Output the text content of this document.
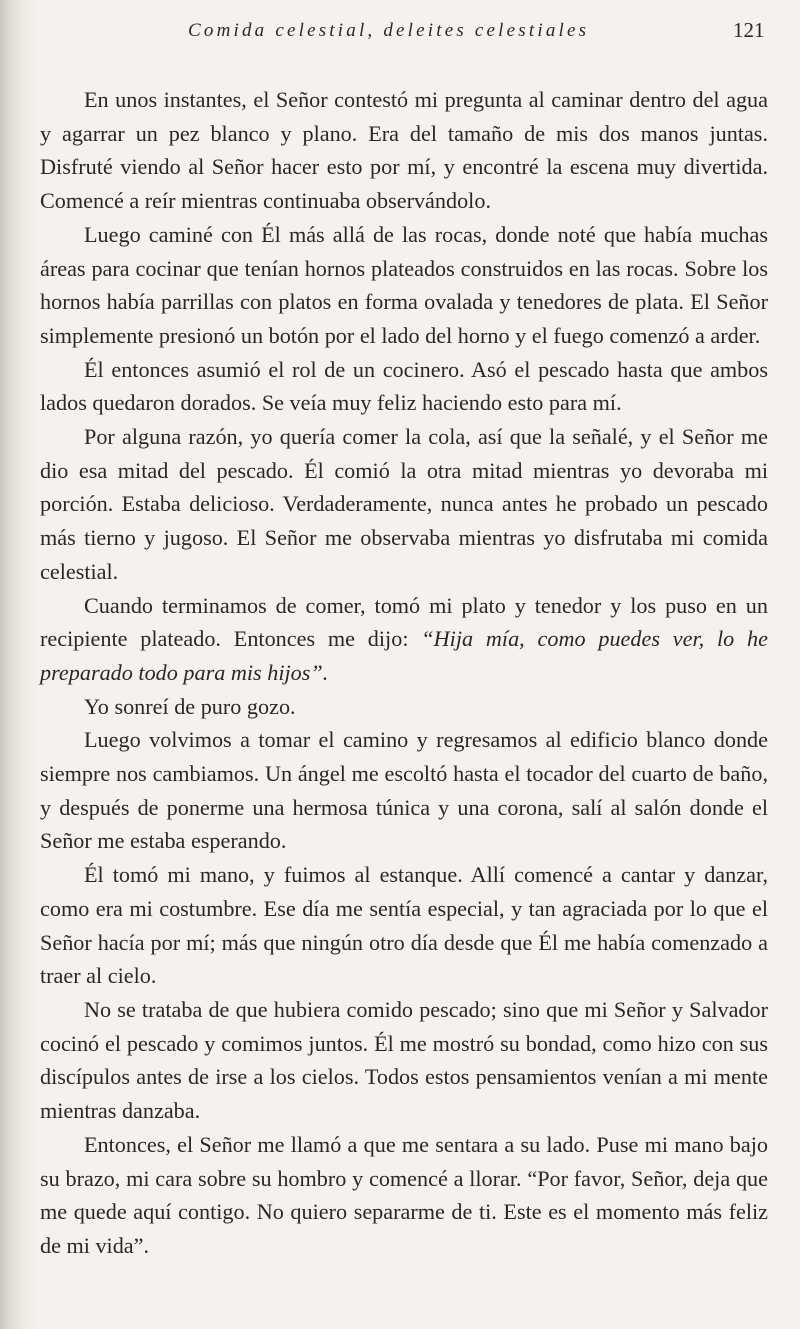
Comida celestial, deleites celestiales	121

En unos instantes, el Señor contestó mi pregunta al caminar dentro del agua y agarrar un pez blanco y plano. Era del tamaño de mis dos manos juntas. Disfruté viendo al Señor hacer esto por mí, y encontré la escena muy divertida. Comencé a reír mientras continuaba observándolo.

Luego caminé con Él más allá de las rocas, donde noté que había muchas áreas para cocinar que tenían hornos plateados construidos en las rocas. Sobre los hornos había parrillas con platos en forma ovalada y tenedores de plata. El Señor simplemente presionó un botón por el lado del horno y el fuego comenzó a arder.

Él entonces asumió el rol de un cocinero. Asó el pescado hasta que ambos lados quedaron dorados. Se veía muy feliz haciendo esto para mí.

Por alguna razón, yo quería comer la cola, así que la señalé, y el Señor me dio esa mitad del pescado. Él comió la otra mitad mientras yo devoraba mi porción. Estaba delicioso. Verdaderamente, nunca antes he probado un pescado más tierno y jugoso. El Señor me observaba mientras yo disfrutaba mi comida celestial.

Cuando terminamos de comer, tomó mi plato y tenedor y los puso en un recipiente plateado. Entonces me dijo: “Hija mía, como puedes ver, lo he preparado todo para mis hijos”.

Yo sonreí de puro gozo.

Luego volvimos a tomar el camino y regresamos al edificio blanco donde siempre nos cambiamos. Un ángel me escoltó hasta el tocador del cuarto de baño, y después de ponerme una hermosa túnica y una corona, salí al salón donde el Señor me estaba esperando.

Él tomó mi mano, y fuimos al estanque. Allí comencé a cantar y danzar, como era mi costumbre. Ese día me sentía especial, y tan agraciada por lo que el Señor hacía por mí; más que ningún otro día desde que Él me había comenzado a traer al cielo.

No se trataba de que hubiera comido pescado; sino que mi Señor y Salvador cocinó el pescado y comimos juntos. Él me mostró su bondad, como hizo con sus discípulos antes de irse a los cielos. Todos estos pensamientos venían a mi mente mientras danzaba.

Entonces, el Señor me llamó a que me sentara a su lado. Puse mi mano bajo su brazo, mi cara sobre su hombro y comencé a llorar. “Por favor, Señor, deja que me quede aquí contigo. No quiero separarme de ti. Este es el momento más feliz de mi vida”.
